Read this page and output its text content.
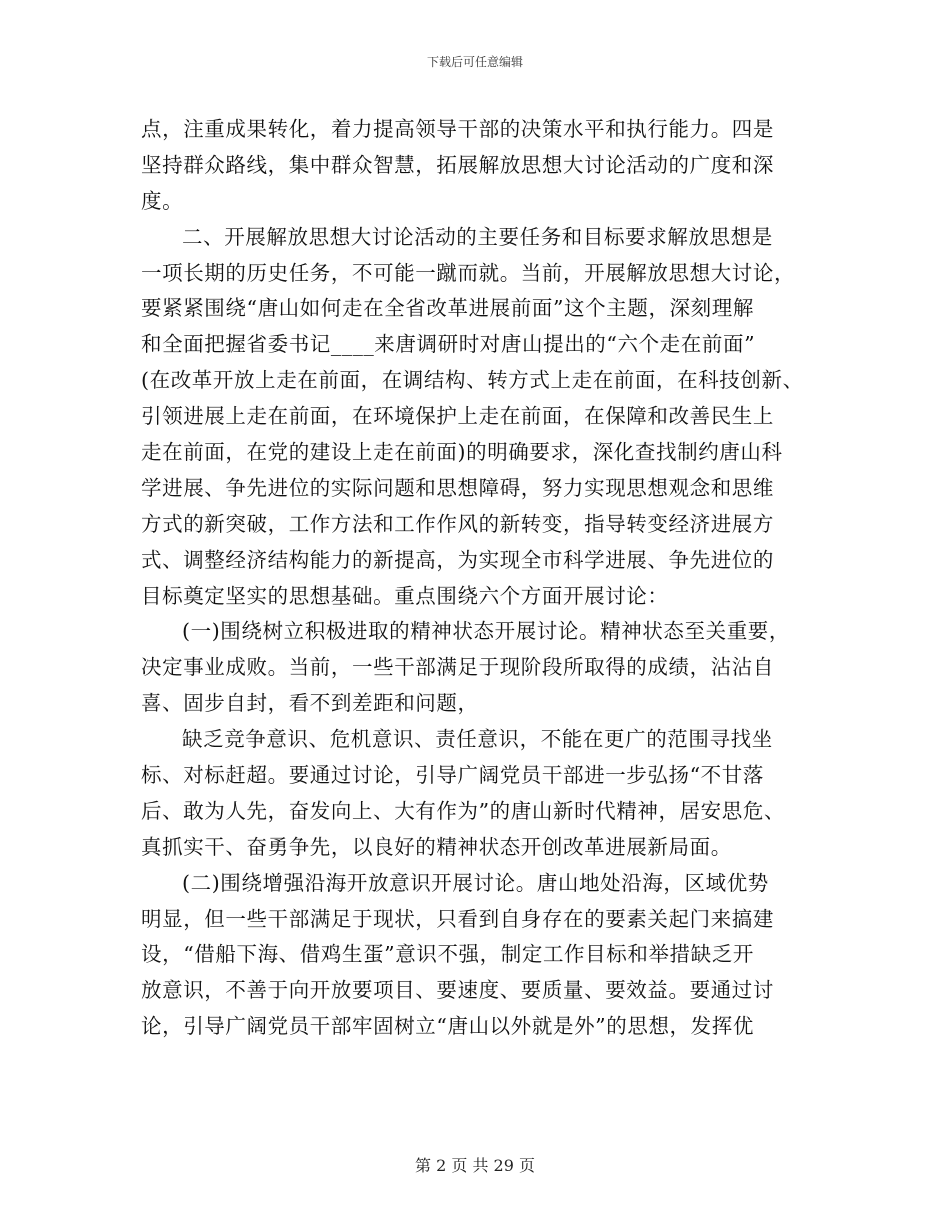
下载后可任意编辑
点，注重成果转化，着力提高领导干部的决策水平和执行能力。四是
坚持群众路线，集中群众智慧，拓展解放思想大讨论活动的广度和深
度。
二、开展解放思想大讨论活动的主要任务和目标要求解放思想是
一项长期的历史任务，不可能一蹴而就。当前，开展解放思想大讨论，
要紧紧围绕“唐山如何走在全省改革进展前面”这个主题，深刻理解
和全面把握省委书记____来唐调研时对唐山提出的“六个走在前面”
(在改革开放上走在前面，在调结构、转方式上走在前面，在科技创新、
引领进展上走在前面，在环境保护上走在前面，在保障和改善民生上
走在前面，在党的建设上走在前面)的明确要求，深化查找制约唐山科
学进展、争先进位的实际问题和思想障碍，努力实现思想观念和思维
方式的新突破，工作方法和工作作风的新转变，指导转变经济进展方
式、调整经济结构能力的新提高，为实现全市科学进展、争先进位的
目标奠定坚实的思想基础。重点围绕六个方面开展讨论：
(一)围绕树立积极进取的精神状态开展讨论。精神状态至关重要，
决定事业成败。当前，一些干部满足于现阶段所取得的成绩，沾沾自
喜、固步自封，看不到差距和问题，
缺乏竞争意识、危机意识、责任意识，不能在更广的范围寻找坐
标、对标赶超。要通过讨论，引导广阔党员干部进一步弘扬“不甘落
后、敢为人先，奋发向上、大有作为”的唐山新时代精神，居安思危、
真抓实干、奋勇争先，以良好的精神状态开创改革进展新局面。
(二)围绕增强沿海开放意识开展讨论。唐山地处沿海，区域优势
明显，但一些干部满足于现状，只看到自身存在的要素关起门来搞建
设，“借船下海、借鸡生蛋”意识不强，制定工作目标和举措缺乏开
放意识，不善于向开放要项目、要速度、要质量、要效益。要通过讨
论，引导广阔党员干部牢固树立“唐山以外就是外”的思想，发挥优
第 2 页 共 29 页
